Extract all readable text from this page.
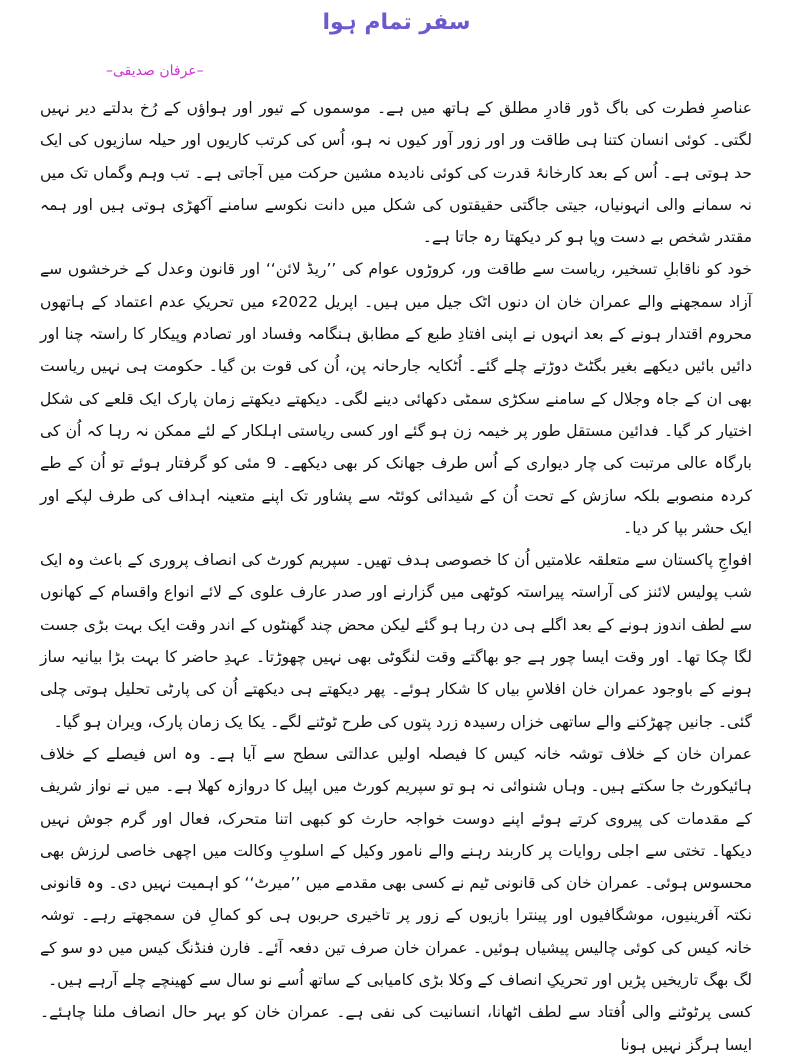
سفر تمام ہوا
–عرفان صدیقی–

عناصرِ فطرت کی باگ ڈور قادرِ مطلق کے ہاتھ میں ہے۔ موسموں کے تیور اور ہواؤں کے رُخ بدلتے دیر نہیں لگتی۔ کوئی انسان کتنا ہی طاقت ور اور زور آور کیوں نہ ہو، اُس کی کرتب کاریوں اور حیلہ سازیوں کی ایک حد ہوتی ہے۔ اُس کے بعد کارخانۂ قدرت کی کوئی نادیدہ مشین حرکت میں آجاتی ہے۔ تب وہم وگماں تک میں نہ سمانے والی انہونیاں، جیتی جاگتی حقیقتوں کی شکل میں دانت نکوسے سامنے آکھڑی ہوتی ہیں اور ہمہ مقتدر شخص بے دست وپا ہو کر دیکھتا رہ جاتا ہے۔

خود کو ناقابلِ تسخیر، ریاست سے طاقت ور، کروڑوں عوام کی ’’ریڈ لائن‘‘ اور قانون وعدل کے خرخشوں سے آزاد سمجھنے والے عمران خان ان دنوں اٹک جیل میں ہیں۔ اپریل 2022ء میں تحریکِ عدم اعتماد کے ہاتھوں محروم اقتدار ہونے کے بعد انہوں نے اپنی افتادِ طبع کے مطابق ہنگامہ وفساد اور تصادم وپیکار کا راستہ چنا اور دائیں بائیں دیکھے بغیر بگٹٹ دوڑتے چلے گئے۔ اُٹکایہ جارحانہ پن، اُن کی قوت بن گیا۔ حکومت ہی نہیں ریاست بھی ان کے جاہ وجلال کے سامنے سکڑی سمٹی دکھائی دینے لگی۔ دیکھتے دیکھتے زمان پارک ایک قلعے کی شکل اختیار کر گیا۔ فدائین مستقل طور پر خیمہ زن ہو گئے اور کسی ریاستی اہلکار کے لئے ممکن نہ رہا کہ اُن کی بارگاہ عالی مرتبت کی چار دیواری کے اُس طرف جھانک کر بھی دیکھے۔ 9 مئی کو گرفتار ہوئے تو اُن کے طے کردہ منصوبے بلکہ سازش کے تحت اُن کے شیدائی کوئٹہ سے پشاور تک اپنے متعینہ اہداف کی طرف لپکے اور ایک حشر بپا کر دیا۔

افواجِ پاکستان سے متعلقہ علامتیں اُن کا خصوصی ہدف تھیں۔ سپریم کورٹ کی انصاف پروری کے باعث وہ ایک شب پولیس لائنز کی آراستہ پیراستہ کوٹھی میں گزارنے اور صدر عارف علوی کے لائے انواع واقسام کے کھانوں سے لطف اندوز ہونے کے بعد اگلے ہی دن رہا ہو گئے لیکن محض چند گھنٹوں کے اندر وقت ایک بہت بڑی جست لگا چکا تھا۔ اور وقت ایسا چور ہے جو بھاگتے وقت لنگوٹی بھی نہیں چھوڑتا۔ عہدِ حاضر کا بہت بڑا بیانیہ ساز ہونے کے باوجود عمران خان افلاسِ بیاں کا شکار ہوئے۔ پھر دیکھتے ہی دیکھتے اُن کی پارٹی تحلیل ہوتی چلی گئی۔ جانیں چھڑکنے والے ساتھی خزاں رسیدہ زرد پتوں کی طرح ٹوٹنے لگے۔ یکا یک زمان پارک، ویران ہو گیا۔

عمران خان کے خلاف توشہ خانہ کیس کا فیصلہ اولیں عدالتی سطح سے آیا ہے۔ وہ اس فیصلے کے خلاف ہائیکورٹ جا سکتے ہیں۔ وہاں شنوائی نہ ہو تو سپریم کورٹ میں اپیل کا دروازہ کھلا ہے۔ میں نے نواز شریف کے مقدمات کی پیروی کرتے ہوئے اپنے دوست خواجہ حارث کو کبھی اتنا متحرک، فعال اور گرم جوش نہیں دیکھا۔ تختی سے اجلی روایات پر کاربند رہنے والے نامور وکیل کے اسلوبِ وکالت میں اچھی خاصی لرزش بھی محسوس ہوئی۔ عمران خان کی قانونی ٹیم نے کسی بھی مقدمے میں ’’میرٹ‘‘ کو اہمیت نہیں دی۔ وہ قانونی نکتہ آفرینیوں، موشگافیوں اور پینترا بازیوں کے زور پر تاخیری حربوں ہی کو کمالِ فن سمجھتے رہے۔ توشہ خانہ کیس کی کوئی چالیس پیشیاں ہوئیں۔ عمران خان صرف تین دفعہ آئے۔ فارن فنڈنگ کیس میں دو سو کے لگ بھگ تاریخیں پڑیں اور تحریکِ انصاف کے وکلا بڑی کامیابی کے ساتھ اُسے نو سال سے کھینچے چلے آرہے ہیں۔

کسی پرٹوٹنے والی اُفتاد سے لطف اٹھانا، انسانیت کی نفی ہے۔ عمران خان کو بہر حال انصاف ملنا چاہئے۔ ایسا ہرگز نہیں ہونا
